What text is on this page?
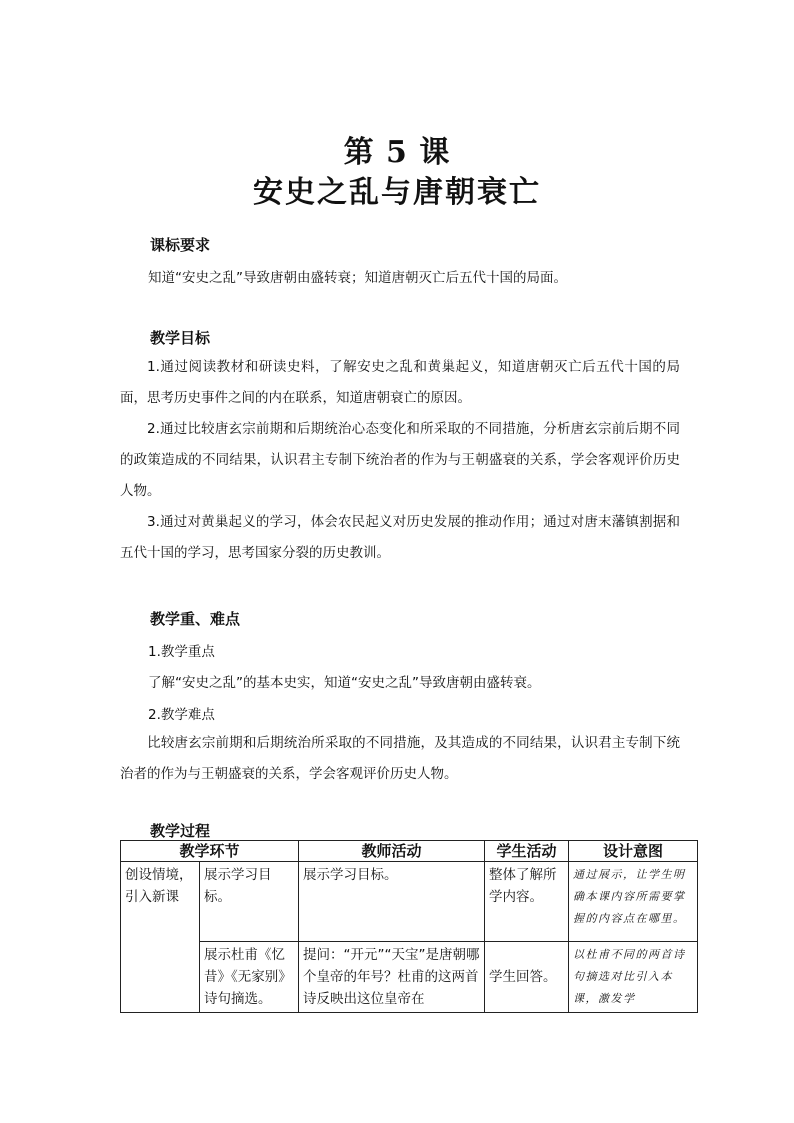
第 5 课
安史之乱与唐朝衰亡
课标要求
知道“安史之乱”导致唐朝由盛转衰；知道唐朝灭亡后五代十国的局面。
教学目标
1.通过阅读教材和研读史料，了解安史之乱和黄巢起义，知道唐朝灭亡后五代十国的局面，思考历史事件之间的内在联系，知道唐朝衰亡的原因。
2.通过比较唐玄宗前期和后期统治心态变化和所采取的不同措施，分析唐玄宗前后期不同的政策造成的不同结果，认识君主专制下统治者的作为与王朝盛衰的关系，学会客观评价历史人物。
3.通过对黄巢起义的学习，体会农民起义对历史发展的推动作用；通过对唐末藩镇割据和五代十国的学习，思考国家分裂的历史教训。
教学重、难点
1.教学重点
了解“安史之乱”的基本史实，知道“安史之乱”导致唐朝由盛转衰。
2.教学难点
比较唐玄宗前期和后期统治所采取的不同措施，及其造成的不同结果，认识君主专制下统治者的作为与王朝盛衰的关系，学会客观评价历史人物。
教学过程
教学环节		教师活动	学生活动	设计意图
创设情境，引入新课	展示学习目标。	展示学习目标。	整体了解所学内容。	通过展示，让学生明确本课内容所需要掌握的内容点在哪里。
	展示杜甫《忆昔》《无家别》诗句摘选。	提问：“开元”“天宝”是唐朝哪个皇帝的年号？杜甫的这两首诗反映出这位皇帝在	学生回答。	以杜甫不同的两首诗句摘选对比引入本课，激发学
